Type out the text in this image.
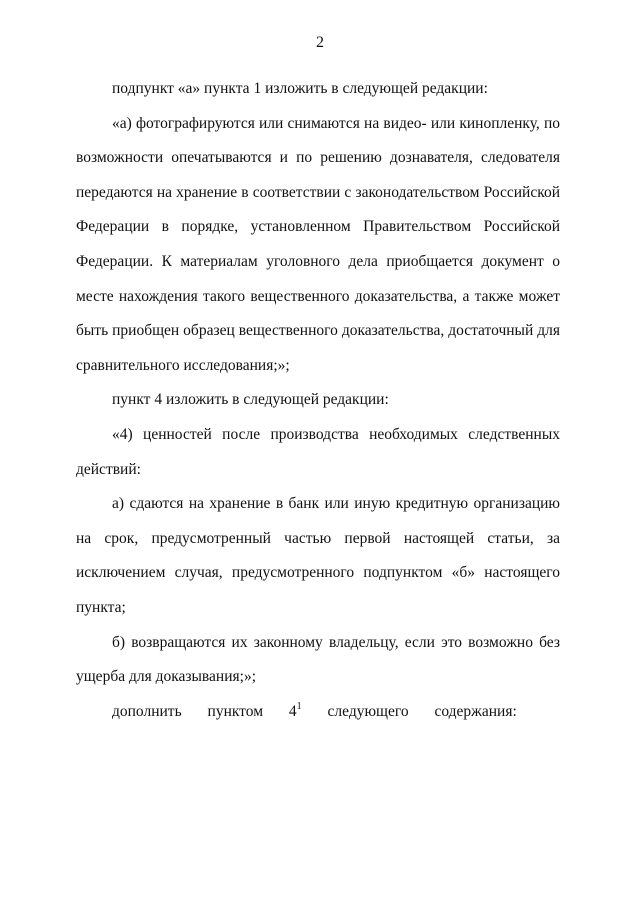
2

подпункт «а» пункта 1 изложить в следующей редакции:

«а) фотографируются или снимаются на видео- или кинопленку, по возможности опечатываются и по решению дознавателя, следователя передаются на хранение в соответствии с законодательством Российской Федерации в порядке, установленном Правительством Российской Федерации. К материалам уголовного дела приобщается документ о месте нахождения такого вещественного доказательства, а также может быть приобщен образец вещественного доказательства, достаточный для сравнительного исследования;»;

пункт 4 изложить в следующей редакции:

«4) ценностей после производства необходимых следственных действий:

а) сдаются на хранение в банк или иную кредитную организацию на срок, предусмотренный частью первой настоящей статьи, за исключением случая, предусмотренного подпунктом «б» настоящего пункта;

б) возвращаются их законному владельцу, если это возможно без ущерба для доказывания;»;

дополнить пунктом $4^1$ следующего содержания:
